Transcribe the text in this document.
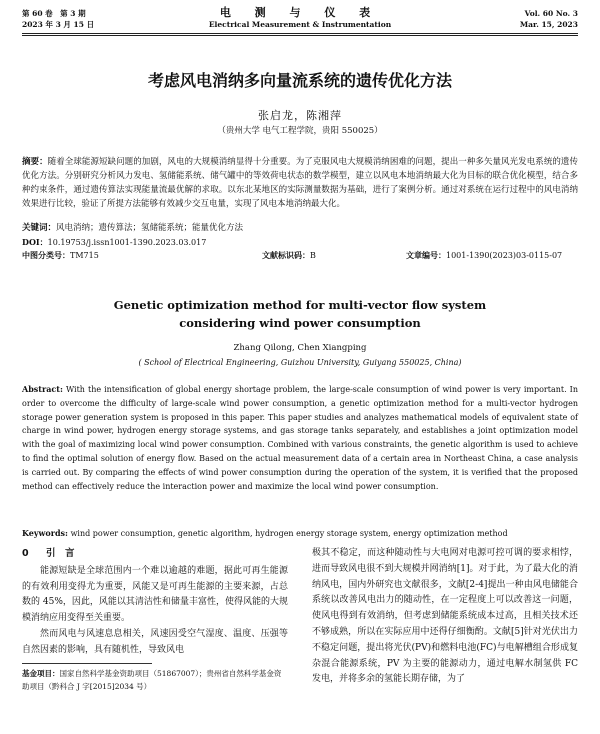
第 60 卷　第 3 期
2023 年 3 月 15 日
电 测 与 仪 表
Electrical Measurement & Instrumentation
Vol. 60 No. 3
Mar. 15, 2023
考虑风电消纳多向量流系统的遗传优化方法
张启龙，陈湘萍
（贵州大学 电气工程学院，贵阳 550025）
摘要：随着全球能源短缺问题的加剧，风电的大规模消纳显得十分重要。为了克服风电大规模消纳困难的问题，提出一种多矢量风光发电系统的遗传优化方法。分别研究分析风力发电、氢储能系统、储气罐中的等效荷电状态的数学模型，建立以风电本地消纳最大化为目标的联合优化模型，结合多种约束条件，通过遗传算法实现能量流最优解的求取。以东北某地区的实际测量数据为基础，进行了案例分析。通过对系统在运行过程中的风电消纳效果进行比较，验证了所提方法能够有效减少交互电量，实现了风电本地消纳最大化。
关键词：风电消纳；遗传算法；氢储能系统；能量优化方法
DOI：10.19753/j.issn1001-1390.2023.03.017
中图分类号：TM715	文献标识码：B	文章编号：1001-1390(2023)03-0115-07
Genetic optimization method for multi-vector flow system
considering wind power consumption
Zhang Qilong, Chen Xiangping
( School of Electrical Engineering, Guizhou University, Guiyang 550025, China)
Abstract: With the intensification of global energy shortage problem, the large-scale consumption of wind power is very important. In order to overcome the difficulty of large-scale wind power consumption, a genetic optimization method for a multi-vector hydrogen storage power generation system is proposed in this paper. This paper studies and analyzes mathematical models of equivalent state of charge in wind power, hydrogen energy storage systems, and gas storage tanks separately, and establishes a joint optimization model with the goal of maximizing local wind power consumption. Combined with various constraints, the genetic algorithm is used to achieve to find the optimal solution of energy flow. Based on the actual measurement data of a certain area in Northeast China, a case analysis is carried out. By comparing the effects of wind power consumption during the operation of the system, it is verified that the proposed method can effectively reduce the interaction power and maximize the local wind power consumption.
Keywords: wind power consumption, genetic algorithm, hydrogen energy storage system, energy optimization method
0 引　言

能源短缺是全球范围内一个难以逾越的难题，据此可再生能源的有效利用变得尤为重要，风能又是可再生能源的主要来源，占总数的 45%，因此，风能以其清洁性和储量丰富性，使得风能的大规模消纳应用变得至关重要。

然而风电与风速息息相关，风速因受空气湿度、温度、压强等自然因素的影响，具有随机性，导致风电

基金项目：国家自然科学基金资助项目（51867007）；贵州省自然科学基金资助项目（黔科合 J 字[2015]2034 号）

极其不稳定，而这种随动性与大电网对电源可控可调的要求相悖，进而导致风电很不到大规模并网消纳[1]。对于此，为了最大化的消纳风电，国内外研究也文献很多，文献[2-4]提出一种由风电储能合系统以改善风电出力的随动性，在一定程度上可以改善这一问题，使风电得到有效消纳，但考虑到储能系统成本过高，且相关技术还不够成熟，所以在实际应用中还得仔细衡酌。文献[5]针对光伏出力不稳定问题，提出将光伏(PV)和燃料电池(FC)与电解槽组合形成复杂混合能源系统，PV 为主要的能源动力，通过电解水制氢供 FC 发电，并将多余的氢能长期存储，为了
